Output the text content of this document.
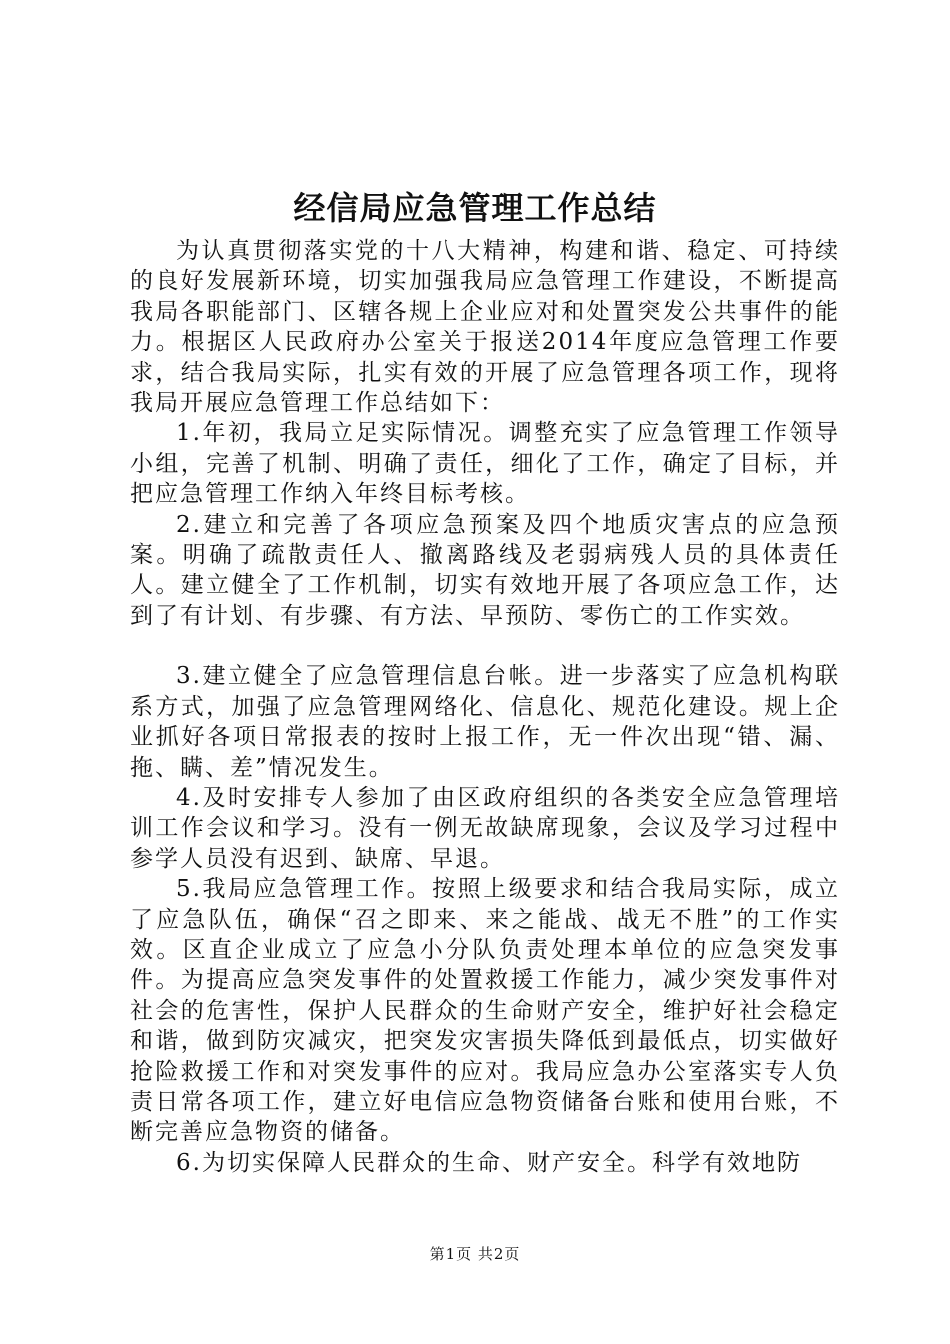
经信局应急管理工作总结

为认真贯彻落实党的十八大精神，构建和谐、稳定、可持续的良好发展新环境，切实加强我局应急管理工作建设，不断提高我局各职能部门、区辖各规上企业应对和处置突发公共事件的能力。根据区人民政府办公室关于报送2014年度应急管理工作要求，结合我局实际，扎实有效的开展了应急管理各项工作，现将我局开展应急管理工作总结如下：

1.年初，我局立足实际情况。调整充实了应急管理工作领导小组，完善了机制、明确了责任，细化了工作，确定了目标，并把应急管理工作纳入年终目标考核。

2.建立和完善了各项应急预案及四个地质灾害点的应急预案。明确了疏散责任人、撤离路线及老弱病残人员的具体责任人。建立健全了工作机制，切实有效地开展了各项应急工作，达到了有计划、有步骤、有方法、早预防、零伤亡的工作实效。

3.建立健全了应急管理信息台帐。进一步落实了应急机构联系方式，加强了应急管理网络化、信息化、规范化建设。规上企业抓好各项日常报表的按时上报工作，无一件次出现“错、漏、拖、瞒、差”情况发生。

4.及时安排专人参加了由区政府组织的各类安全应急管理培训工作会议和学习。没有一例无故缺席现象，会议及学习过程中参学人员没有迟到、缺席、早退。

5.我局应急管理工作。按照上级要求和结合我局实际，成立了应急队伍，确保“召之即来、来之能战、战无不胜”的工作实效。区直企业成立了应急小分队负责处理本单位的应急突发事件。为提高应急突发事件的处置救援工作能力，减少突发事件对社会的危害性，保护人民群众的生命财产安全，维护好社会稳定和谐，做到防灾减灾，把突发灾害损失降低到最低点，切实做好抢险救援工作和对突发事件的应对。我局应急办公室落实专人负责日常各项工作，建立好电信应急物资储备台账和使用台账，不断完善应急物资的储备。

6.为切实保障人民群众的生命、财产安全。科学有效地防

第1页 共2页
